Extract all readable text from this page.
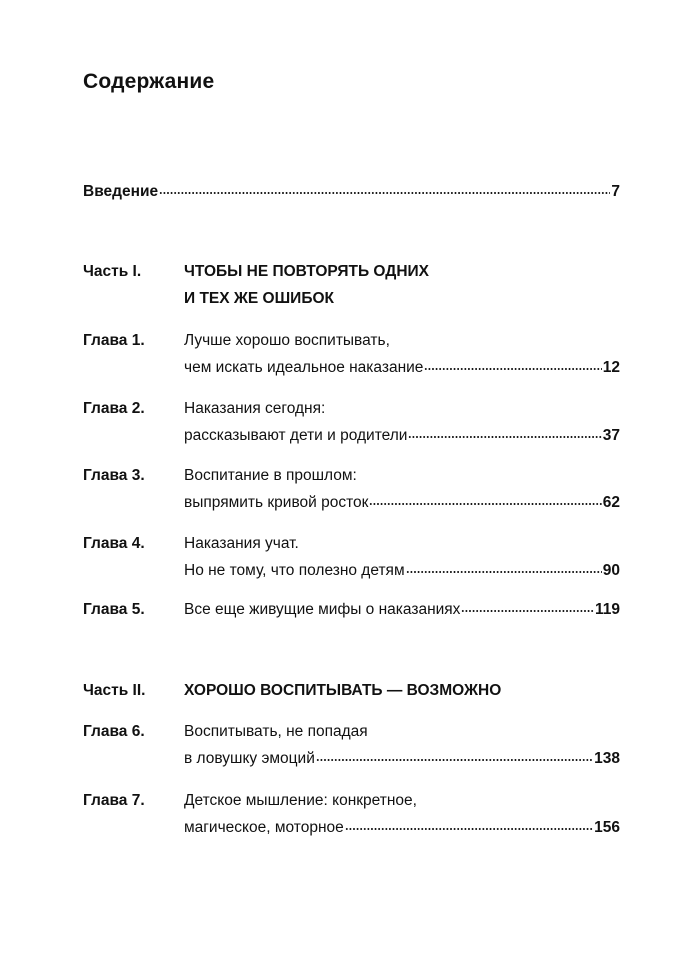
Содержание
Введение	7
Часть I.	ЧТОБЫ НЕ ПОВТОРЯТЬ ОДНИХ
И ТЕХ ЖЕ ОШИБОК
Глава 1.	Лучше хорошо воспитывать,
чем искать идеальное наказание	12
Глава 2.	Наказания сегодня:
рассказывают дети и родители	37
Глава 3.	Воспитание в прошлом:
выпрямить кривой росток	62
Глава 4.	Наказания учат.
Но не тому, что полезно детям	90
Глава 5.	Все еще живущие мифы о наказаниях	119
Часть II. ХОРОШО ВОСПИТЫВАТЬ — ВОЗМОЖНО
Глава 6.	Воспитывать, не попадая
в ловушку эмоций	138
Глава 7.	Детское мышление: конкретное,
магическое, моторное	156
